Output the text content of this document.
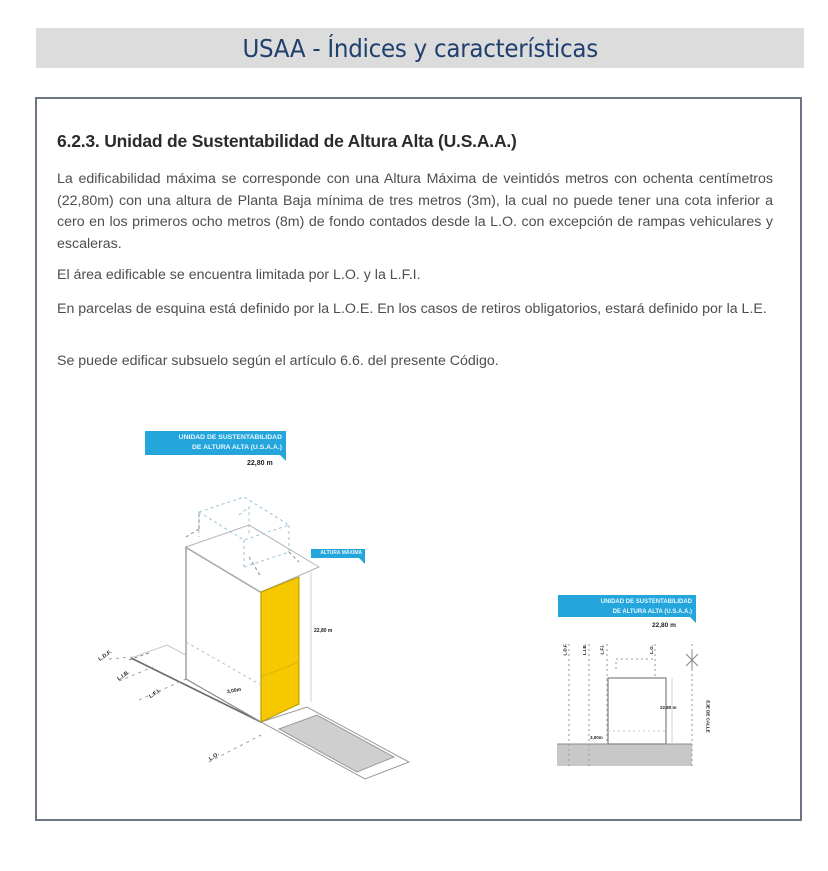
USAA - Índices y características
6.2.3. Unidad de Sustentabilidad de Altura Alta (U.S.A.A.)
La edificabilidad máxima se corresponde con una Altura Máxima de veintidós metros con ochenta centímetros (22,80m) con una altura de Planta Baja mínima de tres metros (3m), la cual no puede tener una cota inferior a cero en los primeros ocho metros (8m) de fondo contados desde la L.O. con excepción de rampas vehiculares y escaleras.
El área edificable se encuentra limitada por L.O. y la L.F.I.
En parcelas de esquina está definido por la L.O.E. En los casos de retiros obligatorios, estará definido por la L.E.
Se puede edificar subsuelo según el artículo 6.6. del presente Código.
UNIDAD DE SUSTENTABILIDAD
DE ALTURA ALTA (U.S.A.A.)
22,80 m
ALTURA MÁXIMA
22,80 m
3,00m
L.D.F.
L.I.B.
L.F.I.
L.O.
UNIDAD DE SUSTENTABILIDAD
DE ALTURA ALTA (U.S.A.A.)
22,80 m
22,80 m
3,00m
EJE DE CALLE
L.D.F.	L.I.B.	L.F.I.	L.O.
